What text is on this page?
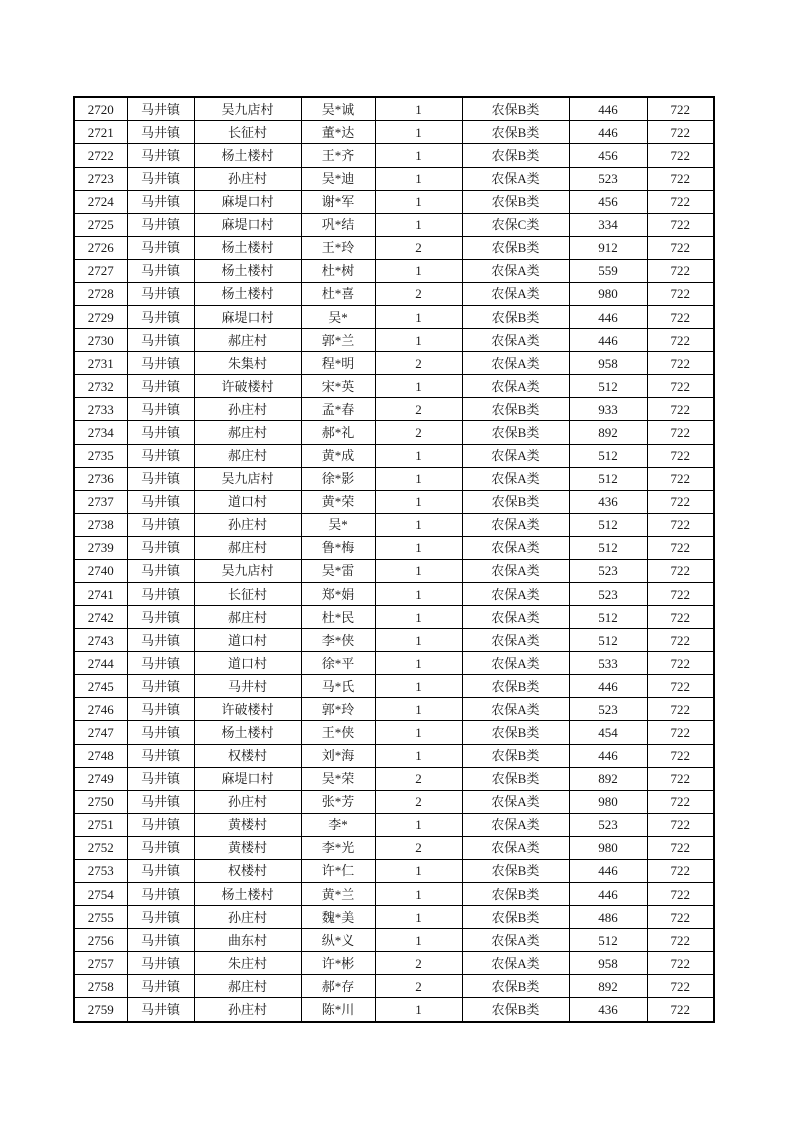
2720	马井镇	吴九店村	吴*诚	1	农保B类	446	722
2721	马井镇	长征村	董*达	1	农保B类	446	722
2722	马井镇	杨土楼村	王*齐	1	农保B类	456	722
2723	马井镇	孙庄村	吴*迪	1	农保A类	523	722
2724	马井镇	麻堤口村	谢*军	1	农保B类	456	722
2725	马井镇	麻堤口村	巩*结	1	农保C类	334	722
2726	马井镇	杨土楼村	王*玲	2	农保B类	912	722
2727	马井镇	杨土楼村	杜*树	1	农保A类	559	722
2728	马井镇	杨土楼村	杜*喜	2	农保A类	980	722
2729	马井镇	麻堤口村	吴*	1	农保B类	446	722
2730	马井镇	郝庄村	郭*兰	1	农保A类	446	722
2731	马井镇	朱集村	程*明	2	农保A类	958	722
2732	马井镇	许破楼村	宋*英	1	农保A类	512	722
2733	马井镇	孙庄村	孟*春	2	农保B类	933	722
2734	马井镇	郝庄村	郝*礼	2	农保B类	892	722
2735	马井镇	郝庄村	黄*成	1	农保A类	512	722
2736	马井镇	吴九店村	徐*影	1	农保A类	512	722
2737	马井镇	道口村	黄*荣	1	农保B类	436	722
2738	马井镇	孙庄村	吴*	1	农保A类	512	722
2739	马井镇	郝庄村	鲁*梅	1	农保A类	512	722
2740	马井镇	吴九店村	吴*雷	1	农保A类	523	722
2741	马井镇	长征村	郑*娟	1	农保A类	523	722
2742	马井镇	郝庄村	杜*民	1	农保A类	512	722
2743	马井镇	道口村	李*侠	1	农保A类	512	722
2744	马井镇	道口村	徐*平	1	农保A类	533	722
2745	马井镇	马井村	马*氏	1	农保B类	446	722
2746	马井镇	许破楼村	郭*玲	1	农保A类	523	722
2747	马井镇	杨土楼村	王*侠	1	农保B类	454	722
2748	马井镇	权楼村	刘*海	1	农保B类	446	722
2749	马井镇	麻堤口村	吴*荣	2	农保B类	892	722
2750	马井镇	孙庄村	张*芳	2	农保A类	980	722
2751	马井镇	黄楼村	李*	1	农保A类	523	722
2752	马井镇	黄楼村	李*光	2	农保A类	980	722
2753	马井镇	权楼村	许*仁	1	农保B类	446	722
2754	马井镇	杨土楼村	黄*兰	1	农保B类	446	722
2755	马井镇	孙庄村	魏*美	1	农保B类	486	722
2756	马井镇	曲东村	纵*义	1	农保A类	512	722
2757	马井镇	朱庄村	许*彬	2	农保A类	958	722
2758	马井镇	郝庄村	郝*存	2	农保B类	892	722
2759	马井镇	孙庄村	陈*川	1	农保B类	436	722
